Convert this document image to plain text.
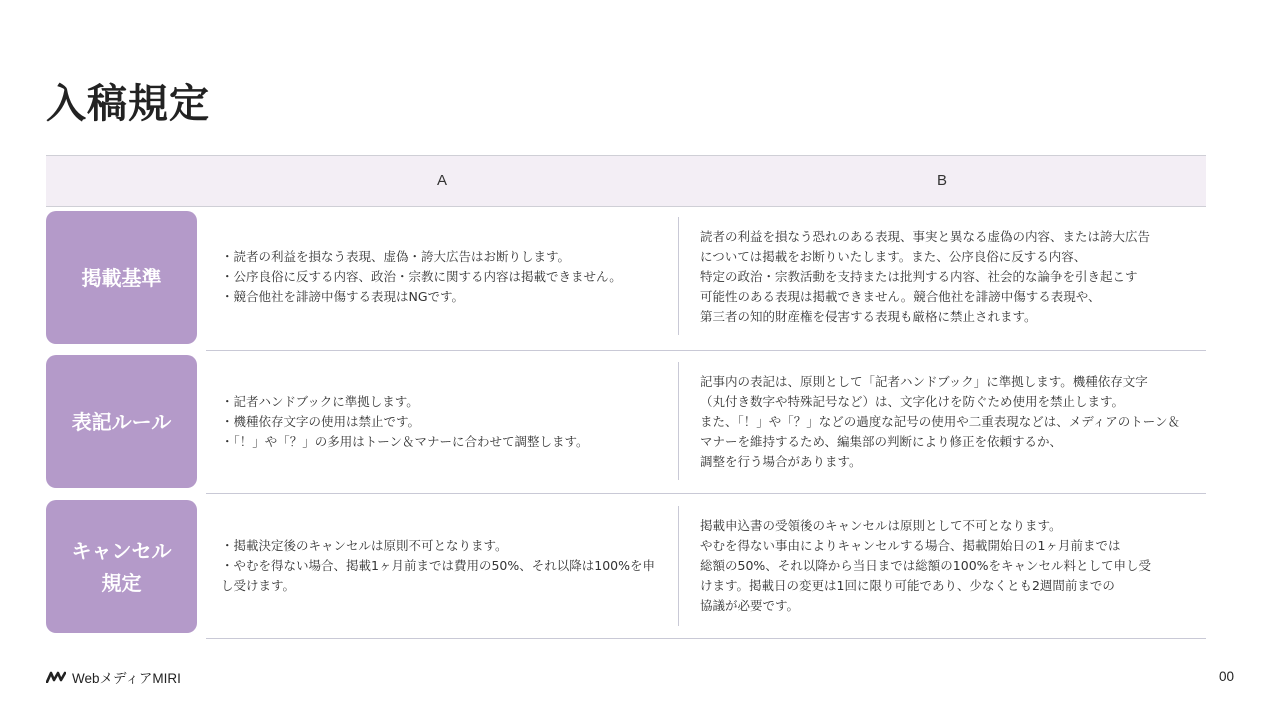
入稿規定
A	B
掲載基準
・読者の利益を損なう表現、虚偽・誇大広告はお断りします。
・公序良俗に反する内容、政治・宗教に関する内容は掲載できません。
・競合他社を誹謗中傷する表現はNGです。
読者の利益を損なう恐れのある表現、事実と異なる虚偽の内容、または誇大広告
については掲載をお断りいたします。また、公序良俗に反する内容、
特定の政治・宗教活動を支持または批判する内容、社会的な論争を引き起こす
可能性のある表現は掲載できません。競合他社を誹謗中傷する表現や、
第三者の知的財産権を侵害する表現も厳格に禁止されます。
表記ルール
・記者ハンドブックに準拠します。
・機種依存文字の使用は禁止です。
・「！」や「？」の多用はトーン＆マナーに合わせて調整します。
記事内の表記は、原則として「記者ハンドブック」に準拠します。機種依存文字
（丸付き数字や特殊記号など）は、文字化けを防ぐため使用を禁止します。
また、「！」や「？」などの過度な記号の使用や二重表現などは、メディアのトーン＆
マナーを維持するため、編集部の判断により修正を依頼するか、
調整を行う場合があります。
キャンセル
規定
・掲載決定後のキャンセルは原則不可となります。
・やむを得ない場合、掲載1ヶ月前までは費用の50%、それ以降は100%を申し受けます。
掲載申込書の受領後のキャンセルは原則として不可となります。
やむを得ない事由によりキャンセルする場合、掲載開始日の1ヶ月前までは
総額の50%、それ以降から当日までは総額の100%をキャンセル料として申し受
けます。掲載日の変更は1回に限り可能であり、少なくとも2週間前までの
協議が必要です。
WebメディアMIRI	00
